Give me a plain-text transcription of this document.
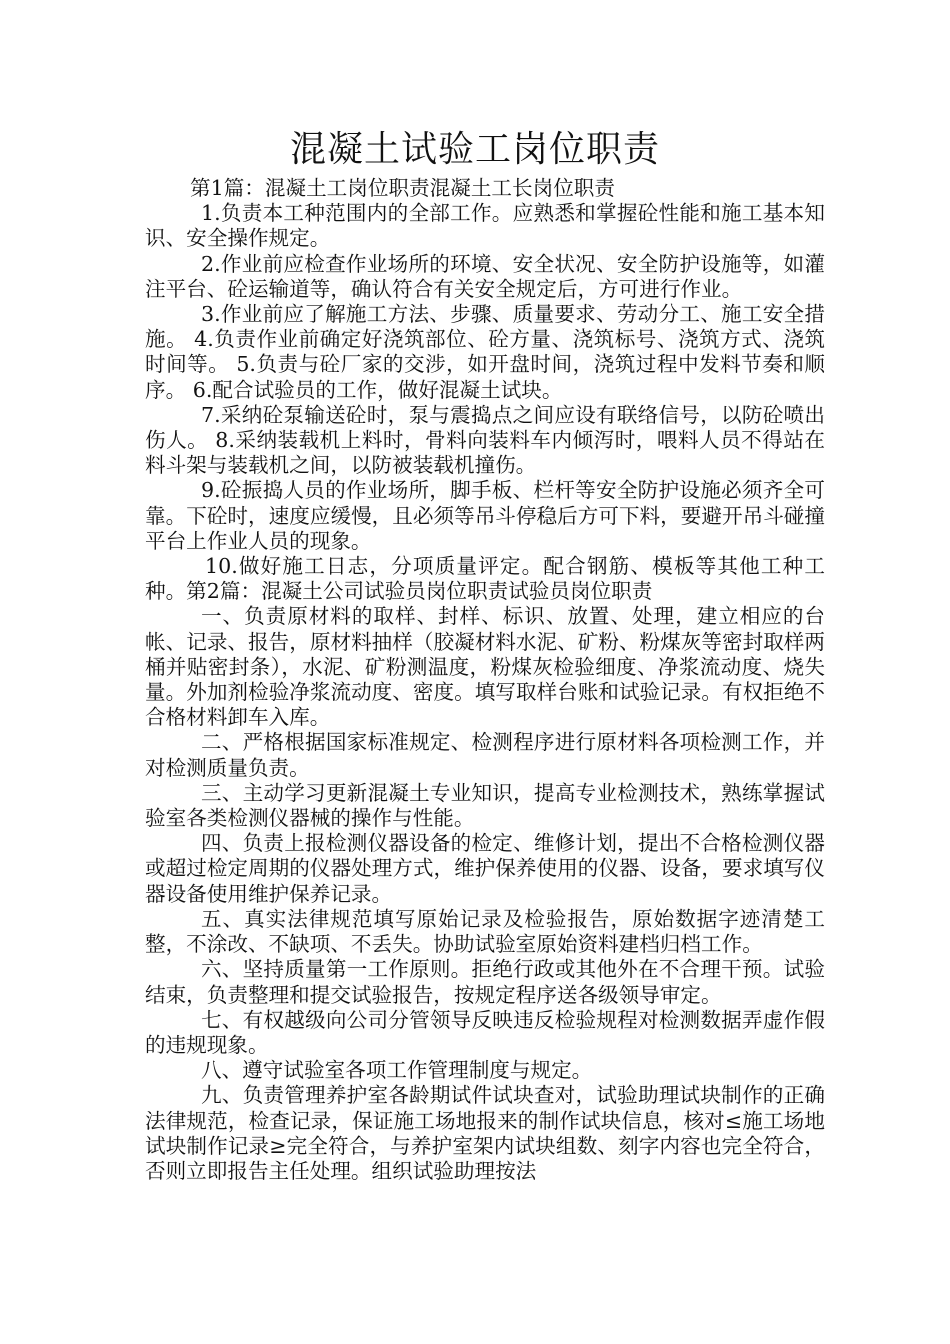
混凝土试验工岗位职责

第1篇：混凝土工岗位职责混凝土工长岗位职责

1.负责本工种范围内的全部工作。应熟悉和掌握砼性能和施工基本知识、安全操作规定。

2.作业前应检查作业场所的环境、安全状况、安全防护设施等，如灌注平台、砼运输道等，确认符合有关安全规定后，方可进行作业。

3.作业前应了解施工方法、步骤、质量要求、劳动分工、施工安全措施。 4.负责作业前确定好浇筑部位、砼方量、浇筑标号、浇筑方式、浇筑时间等。 5.负责与砼厂家的交涉，如开盘时间，浇筑过程中发料节奏和顺序。 6.配合试验员的工作，做好混凝土试块。

7.采纳砼泵输送砼时，泵与震捣点之间应设有联络信号，以防砼喷出伤人。 8.采纳装载机上料时，骨料向装料车内倾泻时，喂料人员不得站在料斗架与装载机之间，以防被装载机撞伤。

9.砼振捣人员的作业场所，脚手板、栏杆等安全防护设施必须齐全可靠。下砼时，速度应缓慢，且必须等吊斗停稳后方可下料，要避开吊斗碰撞平台上作业人员的现象。

10.做好施工日志，分项质量评定。配合钢筋、模板等其他工种工种。第2篇：混凝土公司试验员岗位职责试验员岗位职责

一、负责原材料的取样、封样、标识、放置、处理，建立相应的台帐、记录、报告，原材料抽样（胶凝材料水泥、矿粉、粉煤灰等密封取样两桶并贴密封条），水泥、矿粉测温度，粉煤灰检验细度、净浆流动度、烧失量。外加剂检验净浆流动度、密度。填写取样台账和试验记录。有权拒绝不合格材料卸车入库。

二、严格根据国家标准规定、检测程序进行原材料各项检测工作，并对检测质量负责。

三、主动学习更新混凝土专业知识，提高专业检测技术，熟练掌握试验室各类检测仪器械的操作与性能。

四、负责上报检测仪器设备的检定、维修计划，提出不合格检测仪器或超过检定周期的仪器处理方式，维护保养使用的仪器、设备，要求填写仪器设备使用维护保养记录。

五、真实法律规范填写原始记录及检验报告，原始数据字迹清楚工整，不涂改、不缺项、不丢失。协助试验室原始资料建档归档工作。

六、坚持质量第一工作原则。拒绝行政或其他外在不合理干预。试验结束，负责整理和提交试验报告，按规定程序送各级领导审定。

七、有权越级向公司分管领导反映违反检验规程对检测数据弄虚作假的违规现象。

八、遵守试验室各项工作管理制度与规定。

九、负责管理养护室各龄期试件试块查对，试验助理试块制作的正确法律规范，检查记录，保证施工场地报来的制作试块信息，核对≤施工场地试块制作记录≥完全符合，与养护室架内试块组数、刻字内容也完全符合，否则立即报告主任处理。组织试验助理按法
